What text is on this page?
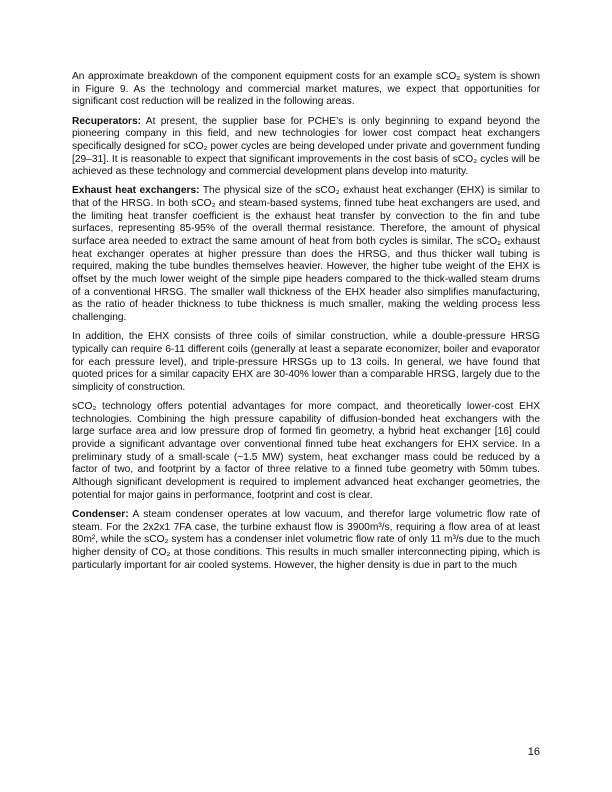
An approximate breakdown of the component equipment costs for an example sCO₂ system is shown in Figure 9. As the technology and commercial market matures, we expect that opportunities for significant cost reduction will be realized in the following areas.

Recuperators: At present, the supplier base for PCHE’s is only beginning to expand beyond the pioneering company in this field, and new technologies for lower cost compact heat exchangers specifically designed for sCO₂ power cycles are being developed under private and government funding [29–31]. It is reasonable to expect that significant improvements in the cost basis of sCO₂ cycles will be achieved as these technology and commercial development plans develop into maturity.

Exhaust heat exchangers: The physical size of the sCO₂ exhaust heat exchanger (EHX) is similar to that of the HRSG. In both sCO₂ and steam-based systems, finned tube heat exchangers are used, and the limiting heat transfer coefficient is the exhaust heat transfer by convection to the fin and tube surfaces, representing 85-95% of the overall thermal resistance. Therefore, the amount of physical surface area needed to extract the same amount of heat from both cycles is similar. The sCO₂ exhaust heat exchanger operates at higher pressure than does the HRSG, and thus thicker wall tubing is required, making the tube bundles themselves heavier. However, the higher tube weight of the EHX is offset by the much lower weight of the simple pipe headers compared to the thick-walled steam drums of a conventional HRSG. The smaller wall thickness of the EHX header also simplifies manufacturing, as the ratio of header thickness to tube thickness is much smaller, making the welding process less challenging.

In addition, the EHX consists of three coils of similar construction, while a double-pressure HRSG typically can require 6-11 different coils (generally at least a separate economizer, boiler and evaporator for each pressure level), and triple-pressure HRSGs up to 13 coils. In general, we have found that quoted prices for a similar capacity EHX are 30-40% lower than a comparable HRSG, largely due to the simplicity of construction.

sCO₂ technology offers potential advantages for more compact, and theoretically lower-cost EHX technologies. Combining the high pressure capability of diffusion-bonded heat exchangers with the large surface area and low pressure drop of formed fin geometry, a hybrid heat exchanger [16] could provide a significant advantage over conventional finned tube heat exchangers for EHX service. In a preliminary study of a small-scale (~1.5 MW) system, heat exchanger mass could be reduced by a factor of two, and footprint by a factor of three relative to a finned tube geometry with 50mm tubes. Although significant development is required to implement advanced heat exchanger geometries, the potential for major gains in performance, footprint and cost is clear.

Condenser: A steam condenser operates at low vacuum, and therefor large volumetric flow rate of steam. For the 2x2x1 7FA case, the turbine exhaust flow is 3900m³/s, requiring a flow area of at least 80m², while the sCO₂ system has a condenser inlet volumetric flow rate of only 11 m³/s due to the much higher density of CO₂ at those conditions. This results in much smaller interconnecting piping, which is particularly important for air cooled systems. However, the higher density is due in part to the much

16
